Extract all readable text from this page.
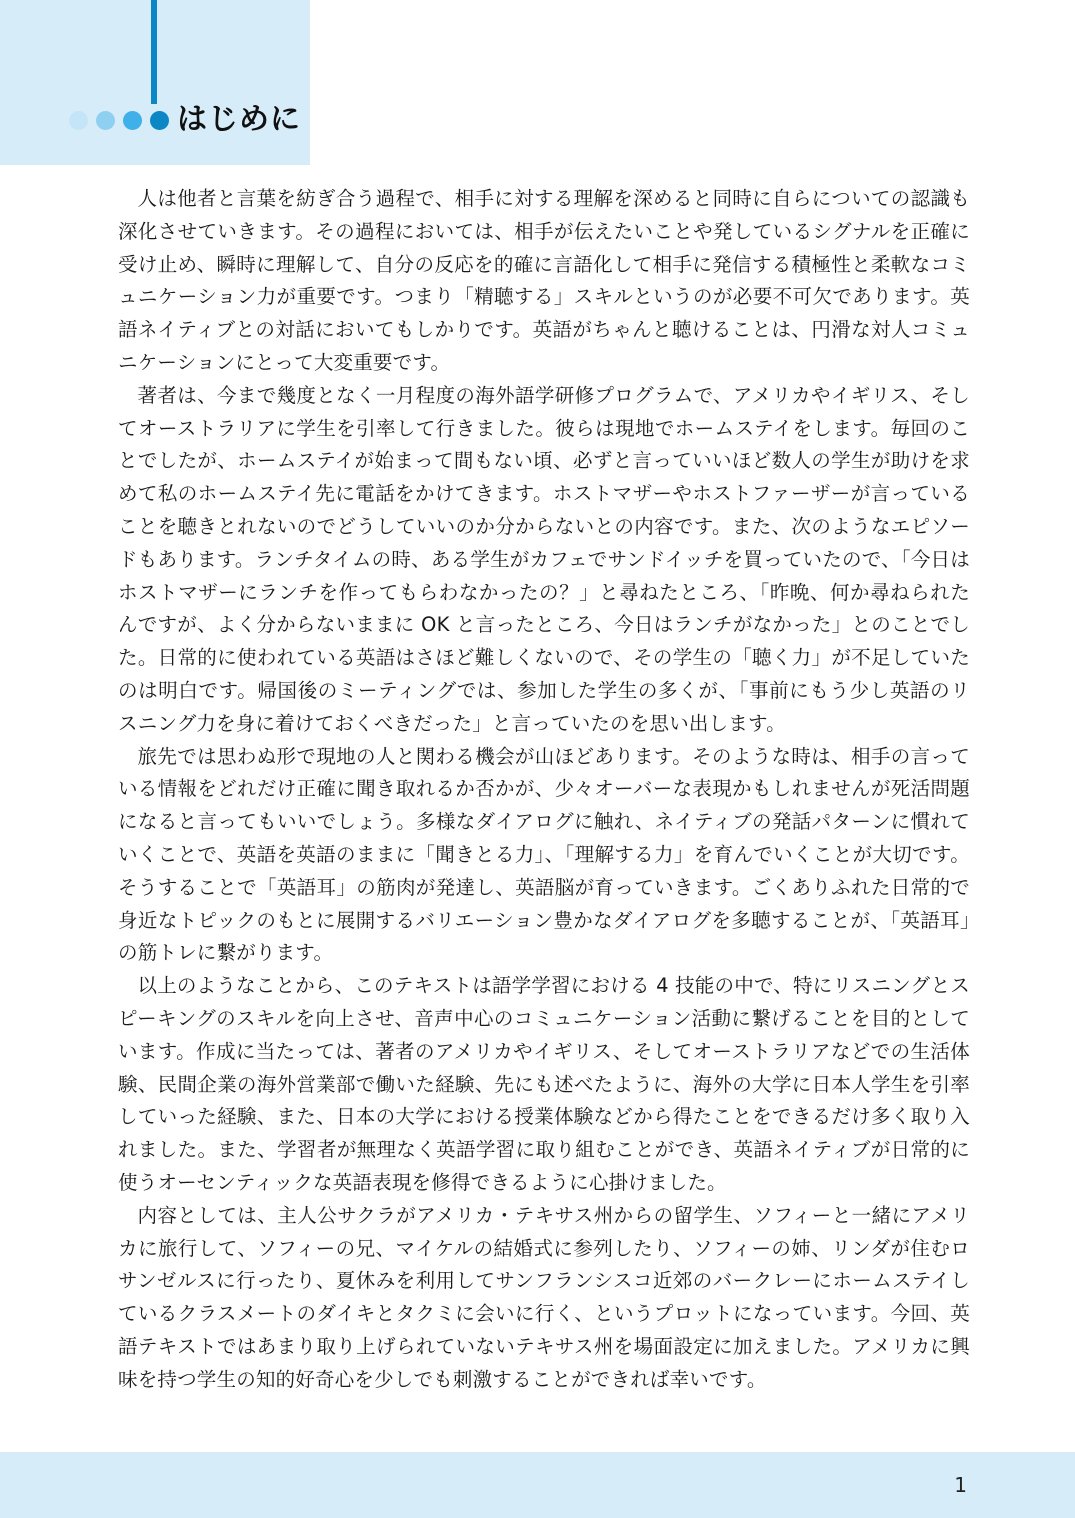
はじめに

人は他者と言葉を紡ぎ合う過程で、相手に対する理解を深めると同時に自らについての認識も深化させていきます。その過程においては、相手が伝えたいことや発しているシグナルを正確に受け止め、瞬時に理解して、自分の反応を的確に言語化して相手に発信する積極性と柔軟なコミュニケーション力が重要です。つまり「精聴する」スキルというのが必要不可欠であります。英語ネイティブとの対話においてもしかりです。英語がちゃんと聴けることは、円滑な対人コミュニケーションにとって大変重要です。

著者は、今まで幾度となく一月程度の海外語学研修プログラムで、アメリカやイギリス、そしてオーストラリアに学生を引率して行きました。彼らは現地でホームステイをします。毎回のことでしたが、ホームステイが始まって間もない頃、必ずと言っていいほど数人の学生が助けを求めて私のホームステイ先に電話をかけてきます。ホストマザーやホストファーザーが言っていることを聴きとれないのでどうしていいのか分からないとの内容です。また、次のようなエピソードもあります。ランチタイムの時、ある学生がカフェでサンドイッチを買っていたので、「今日はホストマザーにランチを作ってもらわなかったの？」と尋ねたところ、「昨晩、何か尋ねられたんですが、よく分からないままに OK と言ったところ、今日はランチがなかった」とのことでした。日常的に使われている英語はさほど難しくないので、その学生の「聴く力」が不足していたのは明白です。帰国後のミーティングでは、参加した学生の多くが、「事前にもう少し英語のリスニング力を身に着けておくべきだった」と言っていたのを思い出します。

旅先では思わぬ形で現地の人と関わる機会が山ほどあります。そのような時は、相手の言っている情報をどれだけ正確に聞き取れるか否かが、少々オーバーな表現かもしれませんが死活問題になると言ってもいいでしょう。多様なダイアログに触れ、ネイティブの発話パターンに慣れていくことで、英語を英語のままに「聞きとる力」、「理解する力」を育んでいくことが大切です。そうすることで「英語耳」の筋肉が発達し、英語脳が育っていきます。ごくありふれた日常的で身近なトピックのもとに展開するバリエーション豊かなダイアログを多聴することが、「英語耳」の筋トレに繋がります。

以上のようなことから、このテキストは語学学習における 4 技能の中で、特にリスニングとスピーキングのスキルを向上させ、音声中心のコミュニケーション活動に繋げることを目的としています。作成に当たっては、著者のアメリカやイギリス、そしてオーストラリアなどでの生活体験、民間企業の海外営業部で働いた経験、先にも述べたように、海外の大学に日本人学生を引率していった経験、また、日本の大学における授業体験などから得たことをできるだけ多く取り入れました。また、学習者が無理なく英語学習に取り組むことができ、英語ネイティブが日常的に使うオーセンティックな英語表現を修得できるように心掛けました。

内容としては、主人公サクラがアメリカ・テキサス州からの留学生、ソフィーと一緒にアメリカに旅行して、ソフィーの兄、マイケルの結婚式に参列したり、ソフィーの姉、リンダが住むロサンゼルスに行ったり、夏休みを利用してサンフランシスコ近郊のバークレーにホームステイしているクラスメートのダイキとタクミに会いに行く、というプロットになっています。今回、英語テキストではあまり取り上げられていないテキサス州を場面設定に加えました。アメリカに興味を持つ学生の知的好奇心を少しでも刺激することができれば幸いです。

1
